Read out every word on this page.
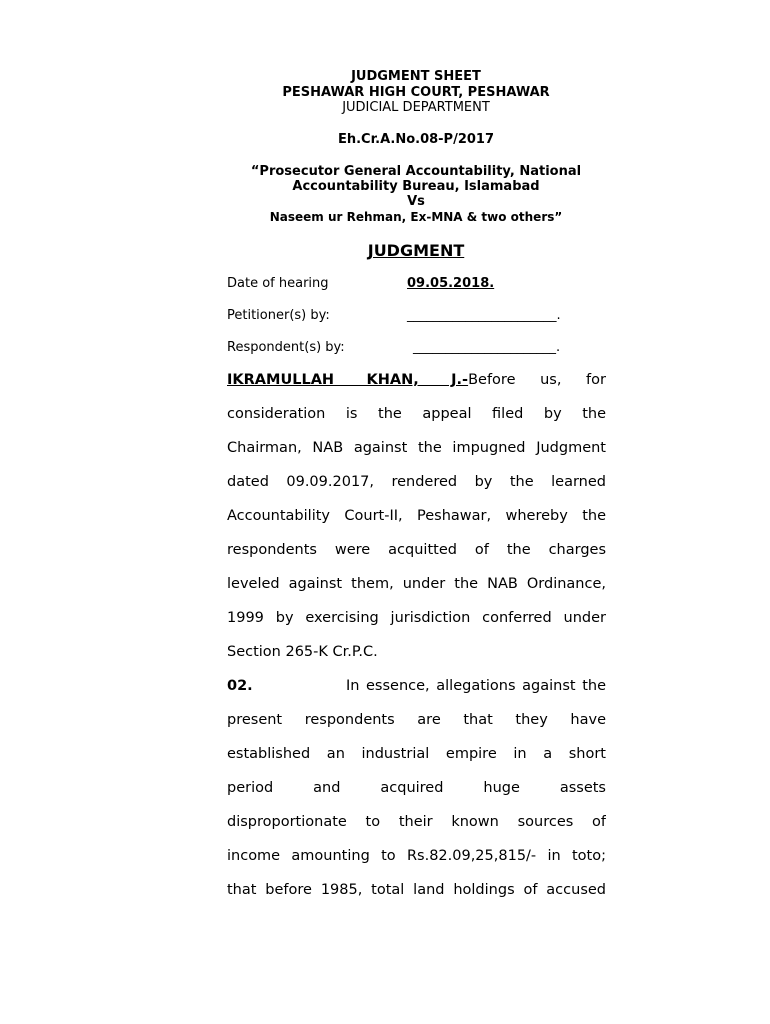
JUDGMENT SHEET
PESHAWAR HIGH COURT, PESHAWAR
JUDICIAL DEPARTMENT
Eh.Cr.A.No.08-P/2017
“Prosecutor General Accountability, National
Accountability Bureau, Islamabad
Vs
Naseem ur Rehman, Ex-MNA & two others”
JUDGMENT
Date of hearing	09.05.2018.
Petitioner(s) by:	_______________________.
Respondent(s) by:	______________________.
IKRAMULLAH KHAN, J.- Before us, for
consideration is the appeal filed by the
Chairman, NAB against the impugned Judgment
dated 09.09.2017, rendered by the learned
Accountability Court-II, Peshawar, whereby the
respondents were acquitted of the charges
leveled against them, under the NAB Ordinance,
1999 by exercising jurisdiction conferred under
Section 265-K Cr.P.C.
02.	In essence, allegations against the
present respondents are that they have
established an industrial empire in a short
period and acquired huge assets
disproportionate to their known sources of
income amounting to Rs.82.09,25,815/- in toto;
that before 1985, total land holdings of accused
